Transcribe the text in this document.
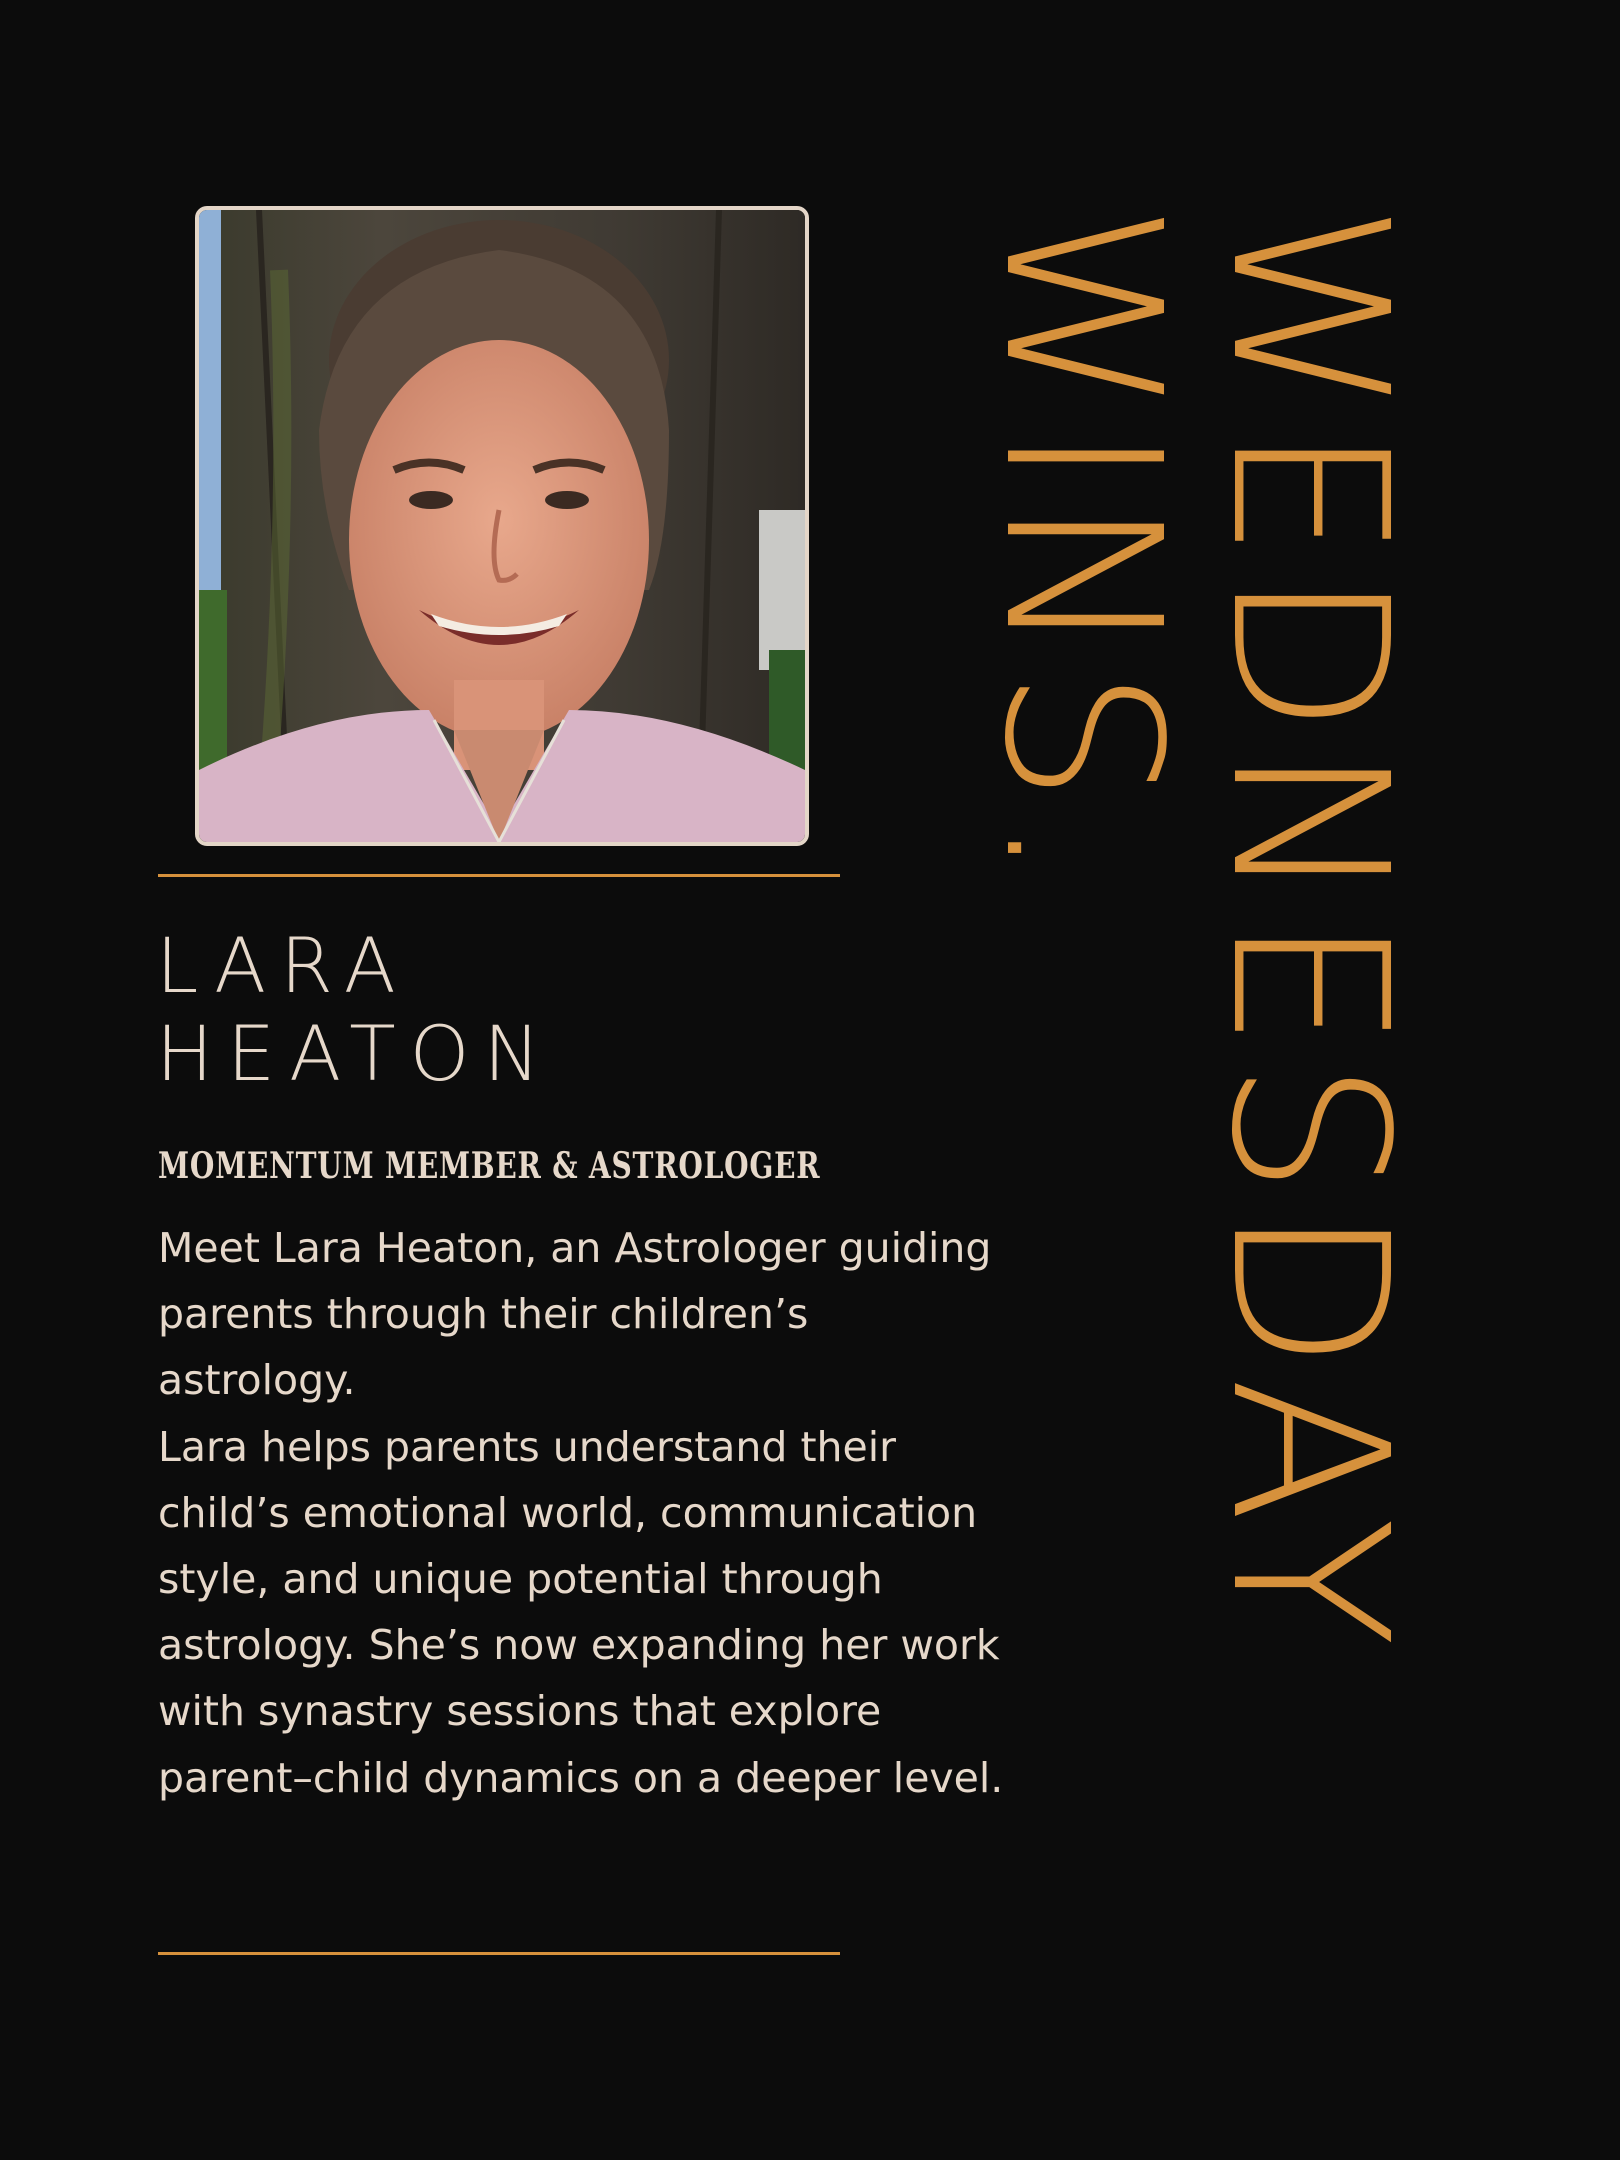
LARA
HEATON
MOMENTUM MEMBER & ASTROLOGER

Meet Lara Heaton, an Astrologer guiding parents through their children’s astrology.

Lara helps parents understand their child’s emotional world, communication style, and unique potential through astrology. She’s now expanding her work with synastry sessions that explore parent–child dynamics on a deeper level.

WEDNESDAY
WINS.
